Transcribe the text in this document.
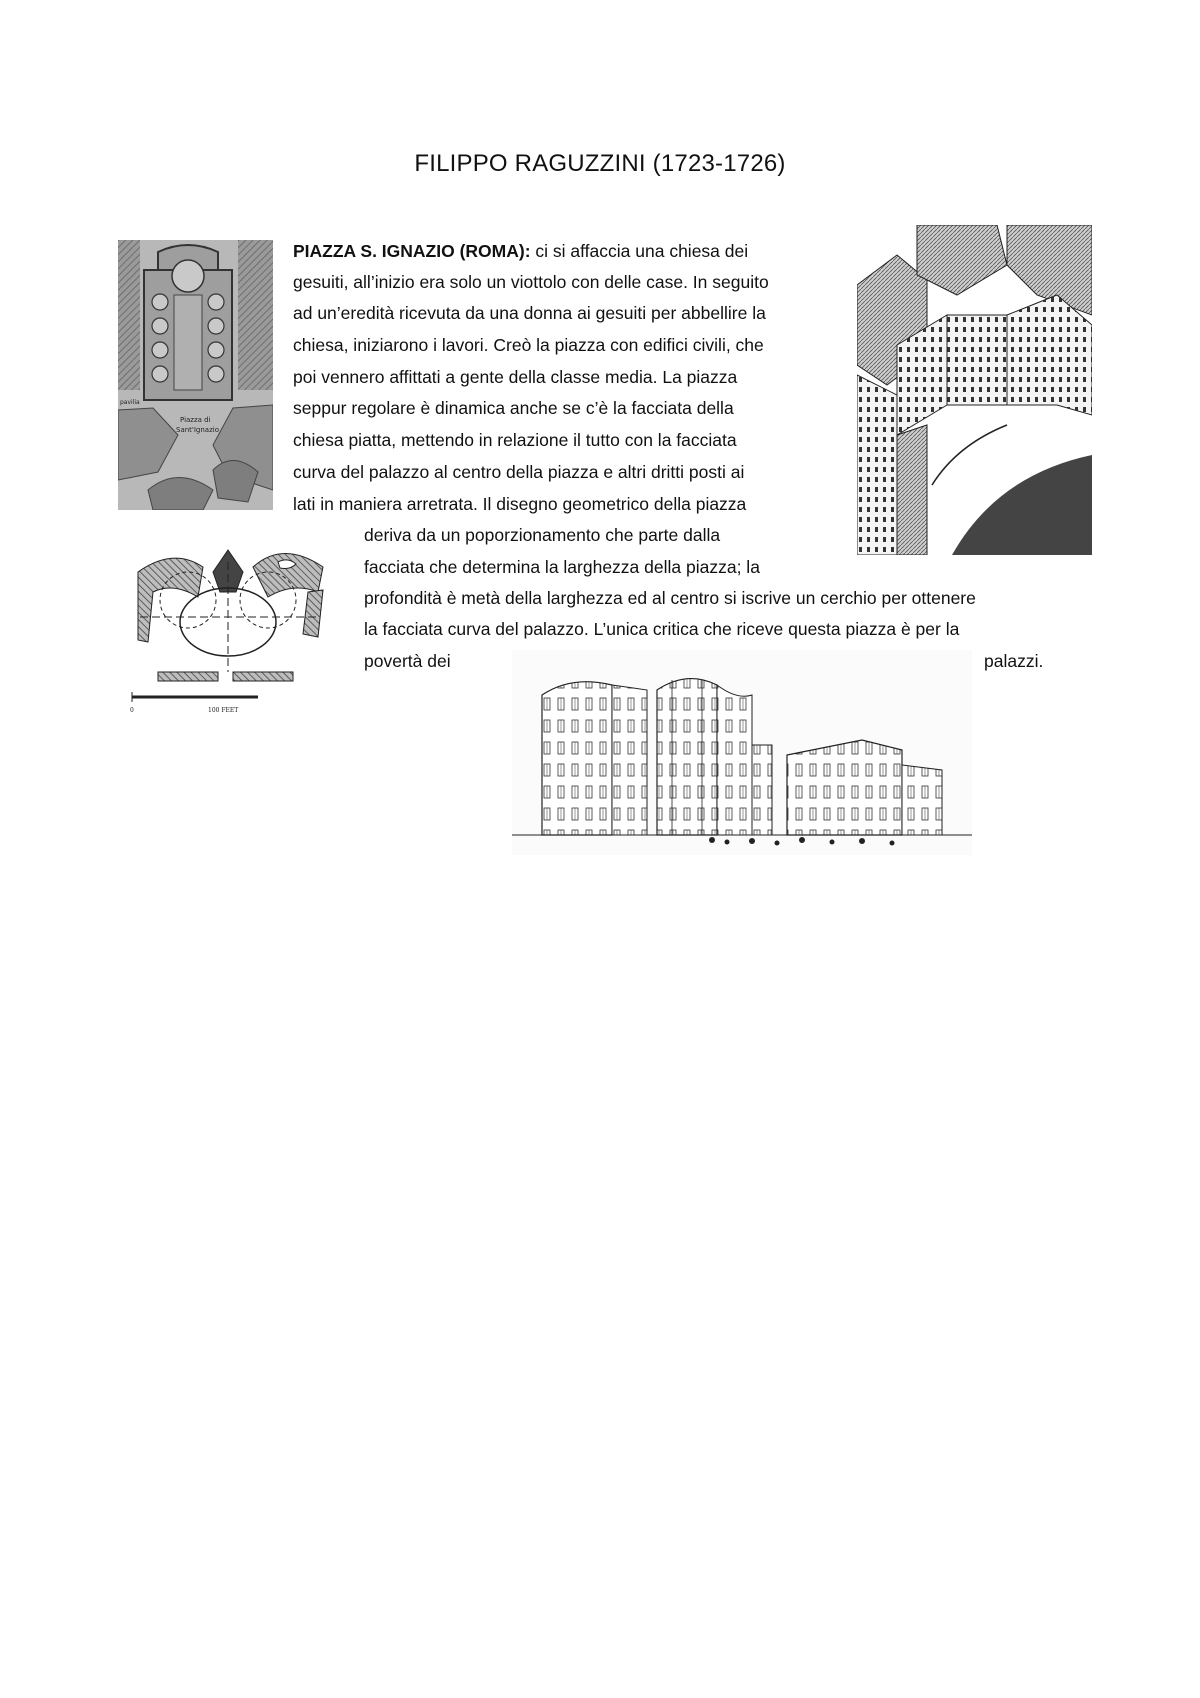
FILIPPO RAGUZZINI (1723-1726)
PIAZZA S. IGNAZIO (ROMA): ci si affaccia una chiesa dei
gesuiti, all’inizio era solo un viottolo con delle case. In seguito
ad un’eredità ricevuta da una donna ai gesuiti per abbellire la
chiesa, iniziarono i lavori. Creò la piazza con edifici civili, che
poi vennero affittati a gente della classe media. La piazza
seppur regolare è dinamica anche se c’è la facciata della
chiesa piatta, mettendo in relazione il tutto con la facciata
curva del palazzo al centro della piazza e altri dritti posti ai
lati in maniera arretrata. Il disegno geometrico della piazza
deriva da un poporzionamento che parte dalla
facciata che determina la larghezza della piazza; la
profondità è metà della larghezza ed al centro si iscrive un cerchio per ottenere
la facciata curva del palazzo. L’unica critica che riceve questa piazza è per la
povertà dei	palazzi.
Piazza di
Sant'Ignazio
pavilia
0	100 FEET
